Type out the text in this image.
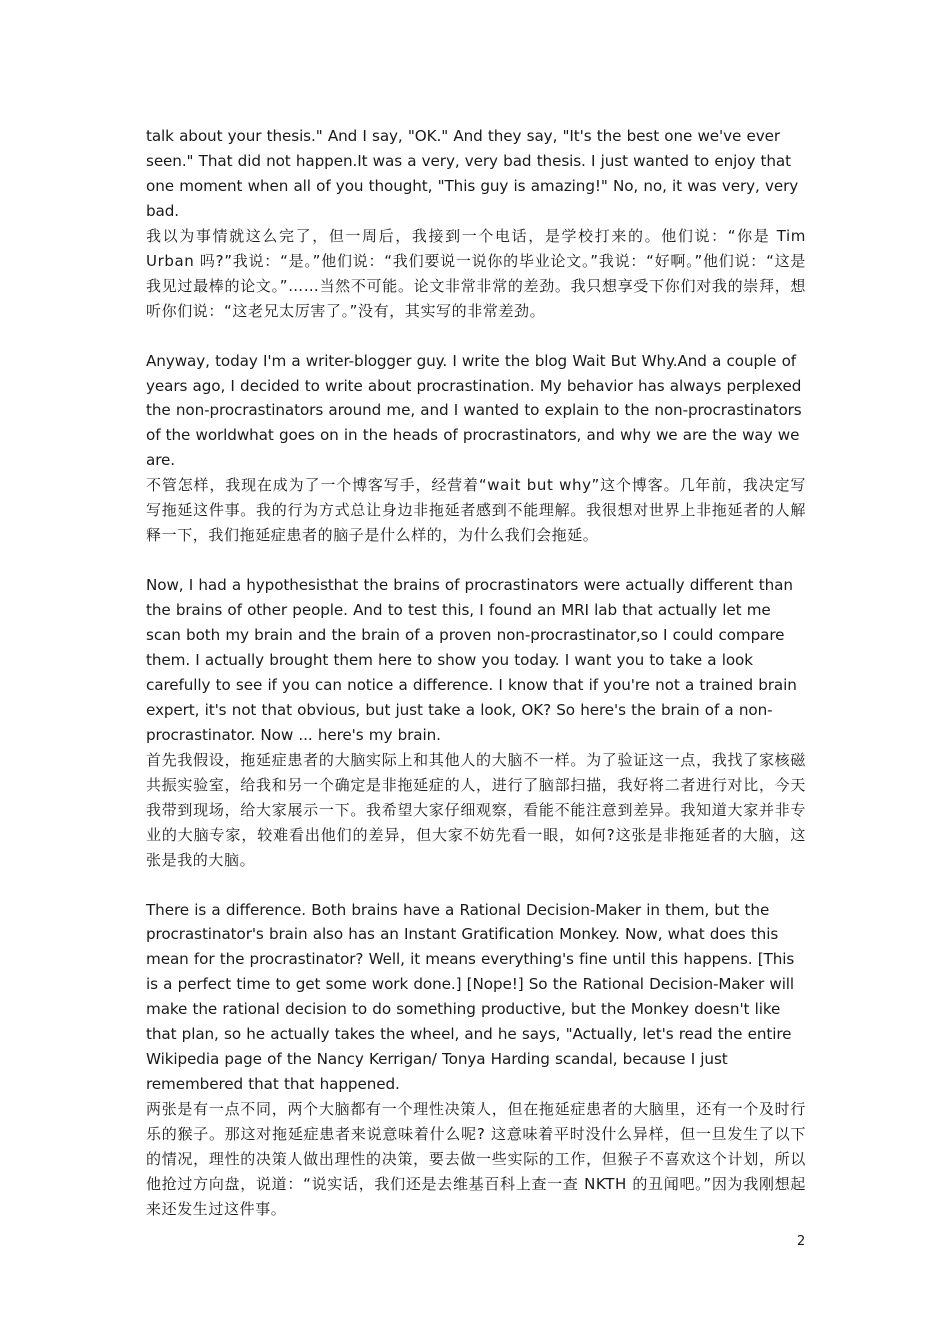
talk about your thesis." And I say, "OK." And they say, "It's the best one we've ever seen." That did not happen.It was a very, very bad thesis. I just wanted to enjoy that one moment when all of you thought, "This guy is amazing!" No, no, it was very, very bad.

我以为事情就这么完了，但一周后，我接到一个电话，是学校打来的。他们说：“你是 Tim Urban 吗?”我说：“是。”他们说：“我们要说一说你的毕业论文。”我说：“好啊。”他们说：“这是我见过最棒的论文。”……当然不可能。论文非常非常的差劲。我只想享受下你们对我的崇拜，想听你们说：“这老兄太厉害了。”没有，其实写的非常差劲。

Anyway, today I'm a writer-blogger guy. I write the blog Wait But Why.And a couple of years ago, I decided to write about procrastination. My behavior has always perplexed the non-procrastinators around me, and I wanted to explain to the non-procrastinators of the worldwhat goes on in the heads of procrastinators, and why we are the way we are.

不管怎样，我现在成为了一个博客写手，经营着“wait but why”这个博客。几年前，我决定写写拖延这件事。我的行为方式总让身边非拖延者感到不能理解。我很想对世界上非拖延者的人解释一下，我们拖延症患者的脑子是什么样的，为什么我们会拖延。

Now, I had a hypothesisthat the brains of procrastinators were actually different than the brains of other people. And to test this, I found an MRI lab that actually let me scan both my brain and the brain of a proven non-procrastinator,so I could compare them. I actually brought them here to show you today. I want you to take a look carefully to see if you can notice a difference. I know that if you're not a trained brain expert, it's not that obvious, but just take a look, OK? So here's the brain of a non-procrastinator. Now ... here's my brain.

首先我假设，拖延症患者的大脑实际上和其他人的大脑不一样。为了验证这一点，我找了家核磁共振实验室，给我和另一个确定是非拖延症的人，进行了脑部扫描，我好将二者进行对比，今天我带到现场，给大家展示一下。我希望大家仔细观察，看能不能注意到差异。我知道大家并非专业的大脑专家，较难看出他们的差异，但大家不妨先看一眼，如何?这张是非拖延者的大脑，这张是我的大脑。

There is a difference. Both brains have a Rational Decision-Maker in them, but the procrastinator's brain also has an Instant Gratification Monkey. Now, what does this mean for the procrastinator? Well, it means everything's fine until this happens. [This is a perfect time to get some work done.] [Nope!] So the Rational Decision-Maker will make the rational decision to do something productive, but the Monkey doesn't like that plan, so he actually takes the wheel, and he says, "Actually, let's read the entire Wikipedia page of the Nancy Kerrigan/ Tonya Harding scandal, because I just remembered that that happened.

两张是有一点不同，两个大脑都有一个理性决策人，但在拖延症患者的大脑里，还有一个及时行乐的猴子。那这对拖延症患者来说意味着什么呢? 这意味着平时没什么异样，但一旦发生了以下的情况，理性的决策人做出理性的决策，要去做一些实际的工作，但猴子不喜欢这个计划，所以他抢过方向盘，说道：“说实话，我们还是去维基百科上查一查 NKTH 的丑闻吧。”因为我刚想起来还发生过这件事。

2
